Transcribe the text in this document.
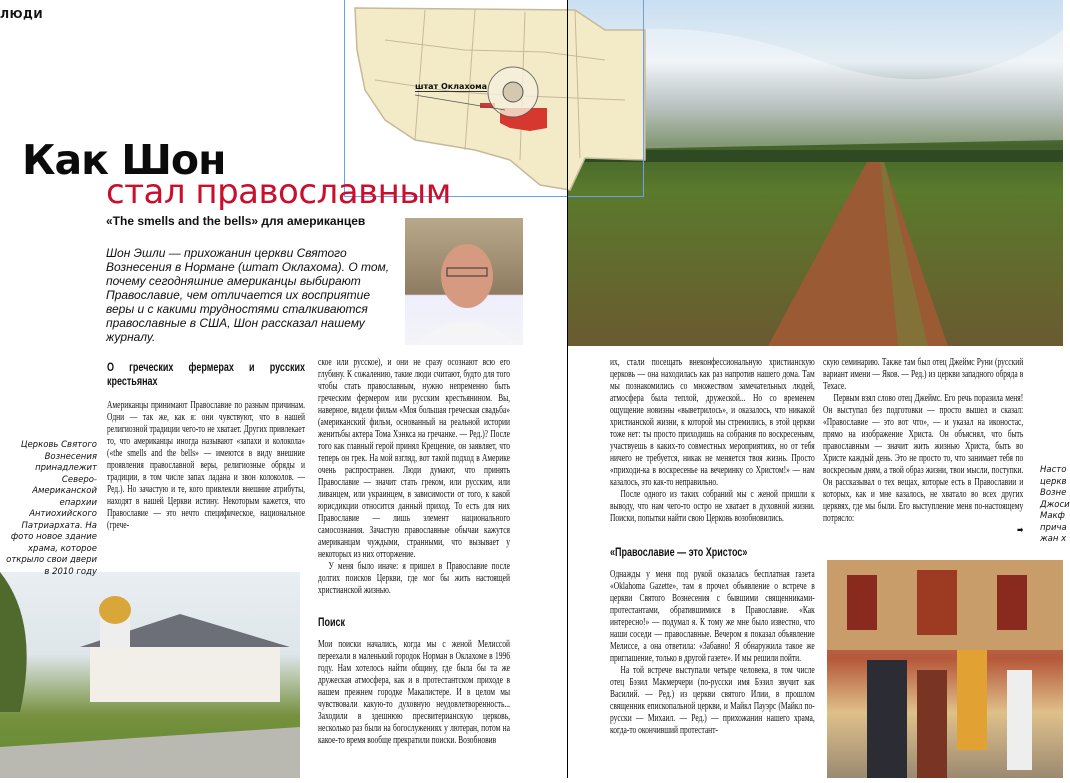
ЛЮДИ
штат Оклахома
Как Шон
стал православным
«The smells and the bells» для американцев
Шон Эшли — прихожанин церкви Святого Вознесения в Нормане (штат Оклахома). О том, почему сегодняшние американцы выбирают Православие, чем отличается их восприятие веры и с какими трудностями сталкиваются православные в США, Шон рассказал нашему журналу.
Церковь Святого Вознесения принадлежит Северо-Американской епархии Антиохийского Патриархата. На фото новое здание храма, которое открыло свои двери в 2010 году

О греческих фермерах и русских крестьянах

Американцы принимают Православие по разным причинам. Одни — так же, как я: они чувствуют, что в нашей религиозной традиции чего-то не хватает. Других привлекает то, что американцы иногда называют «запахи и колокола» («the smells and the bells» — имеются в виду внешние проявления православной веры, религиозные обряды и традиции, в том числе запах ладана и звон колоколов. — Ред.). Но зачастую и те, кого привлекли внешние атрибуты, находят в нашей Церкви истину. Некоторым кажется, что Православие — это нечто специфическое, национальное (грече-

ское или русское), и они не сразу осознают всю его глубину. К сожалению, такие люди считают, будто для того чтобы стать православным, нужно непременно быть греческим фермером или русским крестьянином. Вы, наверное, видели фильм «Моя большая греческая свадьба» (американский фильм, основанный на реальной истории женитьбы актера Тома Хэнкса на гречанке. — Ред.)? После того как главный герой принял Крещение, он заявляет, что теперь он грек. На мой взгляд, вот такой подход в Америке очень распространен. Люди думают, что принять Православие — значит стать греком, или русским, или ливанцем, или украинцем, в зависимости от того, к какой юрисдикции относится данный приход. То есть для них Православие — лишь элемент национального самосознания. Зачастую православные обычаи кажутся американцам чуждыми, странными, что вызывает у некоторых из них отторжение.

У меня было иначе: я пришел в Православие после долгих поисков Церкви, где мог бы жить настоящей христианской жизнью.

Поиск

Мои поиски начались, когда мы с женой Мелиссой переехали в маленький городок Норман в Оклахоме в 1996 году. Нам хотелось найти общину, где была бы та же дружеская атмосфера, как и в протестантском приходе в нашем прежнем городке Макалистере. И в целом мы чувствовали какую-то духовную неудовлетворенность... Заходили в здешнюю пресвитерианскую церковь, несколько раз были на богослужениях у лютеран, потом на какое-то время вообще прекратили поиски. Возобновив

их, стали посещать внеконфессиональную христианскую церковь — она находилась как раз напротив нашего дома. Там мы познакомились со множеством замечательных людей, атмосфера была теплой, дружеской... Но со временем ощущение новизны «выветрилось», и оказалось, что никакой христианской жизни, к которой мы стремились, в этой церкви тоже нет: ты просто приходишь на собрания по воскресеньям, участвуешь в каких-то совместных мероприятиях, но от тебя ничего не требуется, никак не меняется твоя жизнь. Просто «приходи-ка в воскресенье на вечеринку со Христом!» — нам казалось, это как-то неправильно.

После одного из таких собраний мы с женой пришли к выводу, что нам чего-то остро не хватает в духовной жизни. Поиски, попытки найти свою Церковь возобновились.

«Православие — это Христос»

Однажды у меня под рукой оказалась бесплатная газета «Oklahoma Gazette», там я прочел объявление о встрече в церкви Святого Вознесения с бывшими священниками-протестантами, обратившимися в Православие. «Как интересно!» — подумал я. К тому же мне было известно, что наши соседи — православные. Вечером я показал объявление Мелиссе, а она ответила: «Забавно! Я обнаружила такое же приглашение, только в другой газете». И мы решили пойти.

На той встрече выступали четыре человека, в том числе отец Бэзил Макмерчери (по-русски имя Бэзил звучит как Василий. — Ред.) из церкви святого Илии, в прошлом священник епископальной церкви, и Майкл Пауэрс (Майкл по-русски — Михаил. — Ред.) — прихожанин нашего храма, когда-то окончивший протестант-

скую семинарию. Также там был отец Джеймс Руни (русский вариант имени — Яков. — Ред.) из церкви западного обряда в Техасе.

Первым взял слово отец Джеймс. Его речь поразила меня! Он выступал без подготовки — просто вышел и сказал: «Православие — это вот что», — и указал на иконостас, прямо на изображение Христа. Он объяснял, что быть православным — значит жить жизнью Христа, быть во Христе каждый день. Это не просто то, что занимает тебя по воскресным дням, а твой образ жизни, твои мысли, поступки. Он рассказывал о тех вещах, которые есть в Православии и которых, как и мне казалось, не хватало во всех других церквях, где мы были. Его выступление меня по-настоящему потрясло:

➡
Насто
церкв
Возне
Джоси
Макф
прича
жан х
